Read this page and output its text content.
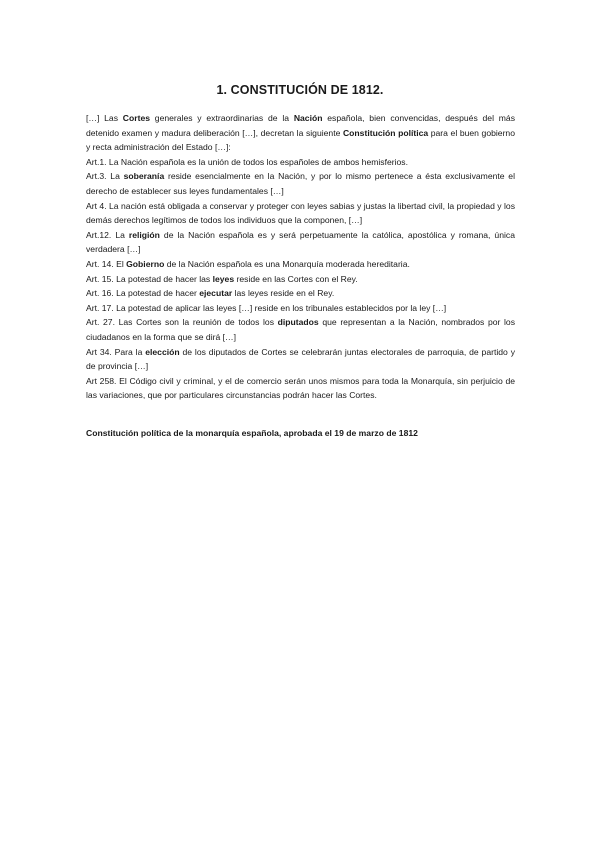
1. CONSTITUCIÓN DE 1812.

[…] Las Cortes generales y extraordinarias de la Nación española, bien convencidas, después del más detenido examen y madura deliberación […], decretan la siguiente Constitución política para el buen gobierno y recta administración del Estado […]:

Art.1. La Nación española es la unión de todos los españoles de ambos hemisferios.

Art.3. La soberanía reside esencialmente en la Nación, y por lo mismo pertenece a ésta exclusivamente el derecho de establecer sus leyes fundamentales […]

Art 4. La nación está obligada a conservar y proteger con leyes sabias y justas la libertad civil, la propiedad y los demás derechos legítimos de todos los individuos que la componen, […]

Art.12. La religión de la Nación española es y será perpetuamente la católica, apostólica y romana, única verdadera […]

Art. 14. El Gobierno de la Nación española es una Monarquía moderada hereditaria.

Art. 15. La potestad de hacer las leyes reside en las Cortes con el Rey.

Art. 16. La potestad de hacer ejecutar las leyes reside en el Rey.

Art. 17. La potestad de aplicar las leyes […] reside en los tribunales establecidos por la ley […]

Art. 27. Las Cortes son la reunión de todos los diputados que representan a la Nación, nombrados por los ciudadanos en la forma que se dirá […]

Art 34. Para la elección de los diputados de Cortes se celebrarán juntas electorales de parroquia, de partido y de provincia […]

Art 258. El Código civil y criminal, y el de comercio serán unos mismos para toda la Monarquía, sin perjuicio de las variaciones, que por particulares circunstancias podrán hacer las Cortes.

Constitución política de la monarquía española, aprobada el 19 de marzo de 1812
